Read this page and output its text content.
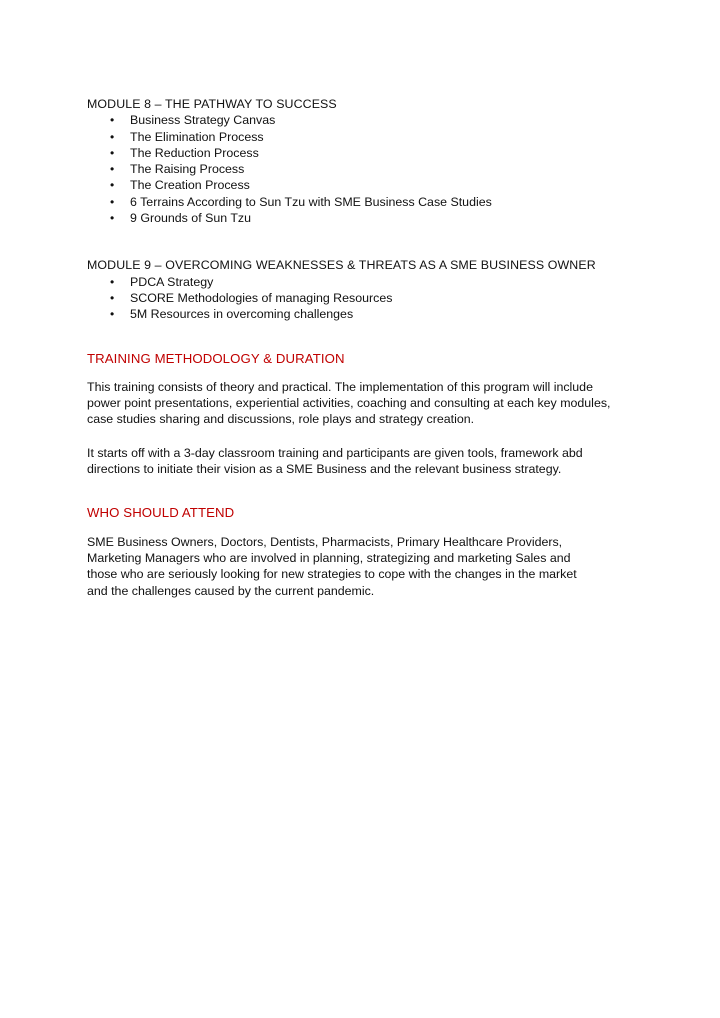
MODULE 8 – THE PATHWAY TO SUCCESS

• Business Strategy Canvas
• The Elimination Process
• The Reduction Process
• The Raising Process
• The Creation Process
• 6 Terrains According to Sun Tzu with SME Business Case Studies
• 9 Grounds of Sun Tzu

MODULE 9 – OVERCOMING WEAKNESSES & THREATS AS A SME BUSINESS OWNER

• PDCA Strategy
• SCORE Methodologies of managing Resources
• 5M Resources in overcoming challenges

TRAINING METHODOLOGY & DURATION

This training consists of theory and practical. The implementation of this program will include

power point presentations, experiential activities, coaching and consulting at each key modules,

case studies sharing and discussions, role plays and strategy creation.

It starts off with a 3-day classroom training and participants are given tools, framework abd

directions to initiate their vision as a SME Business and the relevant business strategy.

WHO SHOULD ATTEND

SME Business Owners, Doctors, Dentists, Pharmacists, Primary Healthcare Providers,

Marketing Managers who are involved in planning, strategizing and marketing Sales and

those who are seriously looking for new strategies to cope with the changes in the market

and the challenges caused by the current pandemic.
